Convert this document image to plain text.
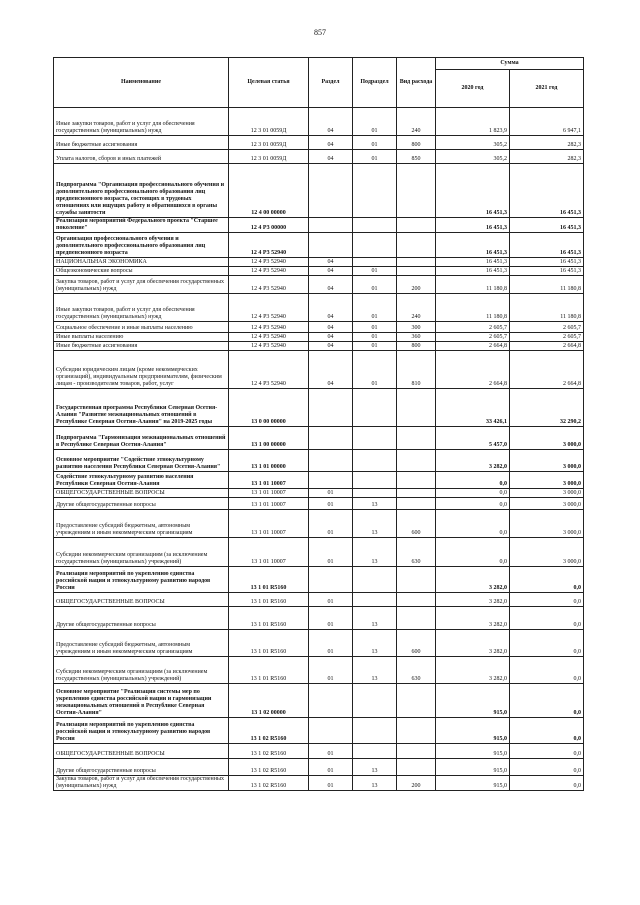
857
Наименование	Целевая статья	Раздел	Подраздел	Вид расхода	Сумма	
					2020 год	2021 год
Иные закупки товаров, работ и услуг для обеспечения государственных (муниципальных) нужд	12 3 01 0059Д	04	01	240	1 823,9	6 947,1
Иные бюджетные ассигнования	12 3 01 0059Д	04	01	800	305,2	282,3
Уплата налогов, сборов и иных платежей	12 3 01 0059Д	04	01	850	305,2	282,3
Подпрограмма "Организация профессионального обучения и дополнительного профессионального образования лиц предпенсионного возраста, состоящих в трудовых отношениях или ищущих работу и обратившихся в органы службы занятости	12 4 00 00000				16 451,3	16 451,3
Реализация мероприятий Федерального проекта "Старшее поколение"	12 4 P3 00000				16 451,3	16 451,3
Организация профессионального обучения и дополнительного профессионального образования лиц предпенсионного возраста	12 4 P3 52940				16 451,3	16 451,3
НАЦИОНАЛЬНАЯ ЭКОНОМИКА	12 4 P3 52940	04			16 451,3	16 451,3
Общеэкономические вопросы	12 4 P3 52940	04	01		16 451,3	16 451,3
Закупка товаров, работ и услуг для обеспечения государственных (муниципальных) нужд	12 4 P3 52940	04	01	200	11 180,8	11 180,8
Иные закупки товаров, работ и услуг для обеспечения государственных (муниципальных) нужд	12 4 P3 52940	04	01	240	11 180,8	11 180,8
Социальное обеспечение и иные выплаты населению	12 4 P3 52940	04	01	300	2 605,7	2 605,7
Иные выплаты населению	12 4 P3 52940	04	01	360	2 605,7	2 605,7
Иные бюджетные ассигнования	12 4 P3 52940	04	01	800	2 664,8	2 664,8
Субсидии юридическим лицам (кроме некоммерческих организаций), индивидуальным предпринимателям, физическим лицам - производителям товаров, работ, услуг	12 4 P3 52940	04	01	810	2 664,8	2 664,8
Государственная программа Республики Северная Осетия-Алания "Развитие межнациональных отношений в Республике Северная Осетия-Алания" на 2019-2025 годы	13 0 00 00000				33 426,1	32 290,2
Подпрограмма "Гармонизация межнациональных отношений в Республике Северная Осетия-Алания"	13 1 00 00000				5 457,0	3 000,0
Основное мероприятие "Содействие этнокультурному развитию населения Республики Северная Осетия-Алания"	13 1 01 00000				3 282,0	3 000,0
Содействие этнокультурному развитию населения Республики Северная Осетия-Алания	13 1 01 10007				0,0	3 000,0
ОБЩЕГОСУДАРСТВЕННЫЕ ВОПРОСЫ	13 1 01 10007	01			0,0	3 000,0
Другие общегосударственные вопросы	13 1 01 10007	01	13		0,0	3 000,0
Предоставление субсидий бюджетным, автономным учреждениям и иным некоммерческим организациям	13 1 01 10007	01	13	600	0,0	3 000,0
Субсидии некоммерческим организациям (за исключением государственных (муниципальных) учреждений)	13 1 01 10007	01	13	630	0,0	3 000,0
Реализация мероприятий по укреплению единства российской нации и этнокультурному развитию народов России	13 1 01 R5160				3 282,0	0,0
ОБЩЕГОСУДАРСТВЕННЫЕ ВОПРОСЫ	13 1 01 R5160	01			3 282,0	0,0
Другие общегосударственные вопросы	13 1 01 R5160	01	13		3 282,0	0,0
Предоставление субсидий бюджетным, автономным учреждениям и иным некоммерческим организациям	13 1 01 R5160	01	13	600	3 282,0	0,0
Субсидии некоммерческим организациям (за исключением государственных (муниципальных) учреждений)	13 1 01 R5160	01	13	630	3 282,0	0,0
Основное мероприятие "Реализация системы мер по укреплению единства российской нации и гармонизации межнациональных отношений в Республике Северная Осетия-Алания"	13 1 02 00000				915,0	0,0
Реализация мероприятий по укреплению единства российской нации и этнокультурному развитию народов России	13 1 02 R5160				915,0	0,0
ОБЩЕГОСУДАРСТВЕННЫЕ ВОПРОСЫ	13 1 02 R5160	01			915,0	0,0
Другие общегосударственные вопросы	13 1 02 R5160	01	13		915,0	0,0
Закупка товаров, работ и услуг для обеспечения государственных (муниципальных) нужд	13 1 02 R5160	01	13	200	915,0	0,0
